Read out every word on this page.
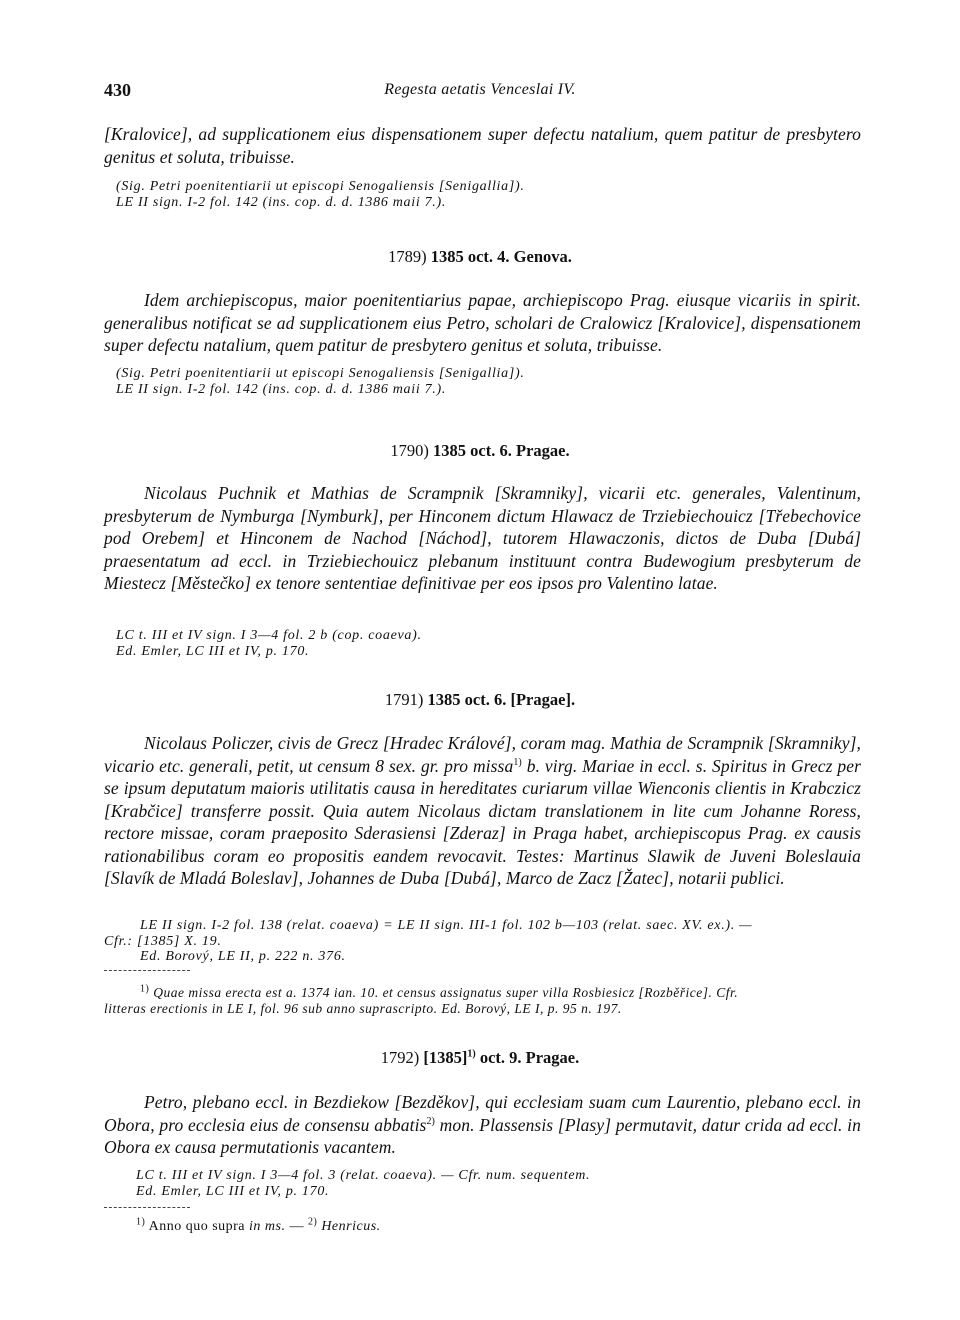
430	Regesta aetatis Venceslai IV.
[Kralovice], ad supplicationem eius dispensationem super defectu natalium, quem patitur de presbytero genitus et soluta, tribuisse.
(Sig. Petri poenitentiarii ut episcopi Senogaliensis [Senigallia]).
LE II sign. I-2 fol. 142 (ins. cop. d. d. 1386 maii 7.).
1789) 1385 oct. 4. Genova.
Idem archiepiscopus, maior poenitentiarius papae, archiepiscopo Prag. eiusque vicariis in spirit. generalibus notificat se ad supplicationem eius Petro, scholari de Cralowicz [Kralovice], dispensationem super defectu natalium, quem patitur de presbytero genitus et soluta, tribuisse.
(Sig. Petri poenitentiarii ut episcopi Senogaliensis [Senigallia]).
LE II sign. I-2 fol. 142 (ins. cop. d. d. 1386 maii 7.).
1790) 1385 oct. 6. Pragae.
Nicolaus Puchnik et Mathias de Scrampnik [Skramniky], vicarii etc. generales, Valentinum, presbyterum de Nymburga [Nymburk], per Hinconem dictum Hlawacz de Trziebiechouicz [Třebechovice pod Orebem] et Hinconem de Nachod [Náchod], tutorem Hlawaczonis, dictos de Duba [Dubá] praesentatum ad eccl. in Trziebiechouicz plebanum instituunt contra Budewogium presbyterum de Miestecz [Městečko] ex tenore sententiae definitivae per eos ipsos pro Valentino latae.
LC t. III et IV sign. I 3—4 fol. 2 b (cop. coaeva).
Ed. Emler, LC III et IV, p. 170.
1791) 1385 oct. 6. [Pragae].
Nicolaus Policzer, civis de Grecz [Hradec Králové], coram mag. Mathia de Scrampnik [Skramniky], vicario etc. generali, petit, ut censum 8 sex. gr. pro missa$^{1)}$ b. virg. Mariae in eccl. s. Spiritus in Grecz per se ipsum deputatum maioris utilitatis causa in hereditates curiarum villae Wienconis clientis in Krabczicz [Krabčice] transferre possit. Quia autem Nicolaus dictam translationem in lite cum Johanne Roress, rectore missae, coram praeposito Sderasiensi [Zderaz] in Praga habet, archiepiscopus Prag. ex causis rationabilibus coram eo propositis eandem revocavit. Testes: Martinus Slawik de Juveni Boleslauia [Slavík de Mladá Boleslav], Johannes de Duba [Dubá], Marco de Zacz [Žatec], notarii publici.
LE II sign. I-2 fol. 138 (relat. coaeva) = LE II sign. III-1 fol. 102 b—103 (relat. saec. XV. ex.). —
Cfr.: [1385] X. 19.
Ed. Borový, LE II, p. 222 n. 376.
$^{1)}$ Quae missa erecta est a. 1374 ian. 10. et census assignatus super villa Rosbiesicz [Rozběřice]. Cfr.
litteras erectionis in LE I, fol. 96 sub anno suprascripto. Ed. Borový, LE I, p. 95 n. 197.
1792) $[1385]^{1)}$ oct. 9. Pragae.
Petro, plebano eccl. in Bezdiekow [Bezděkov], qui ecclesiam suam cum Laurentio, plebano eccl. in Obora, pro ecclesia eius de consensu abbatis$^{2)}$ mon. Plassensis [Plasy] permutavit, datur crida ad eccl. in Obora ex causa permutationis vacantem.
LC t. III et IV sign. I 3—4 fol. 3 (relat. coaeva). — Cfr. num. sequentem.
Ed. Emler, LC III et IV, p. 170.
$^{1)}$ Anno quo supra in ms. — $^{2)}$ Henricus.
